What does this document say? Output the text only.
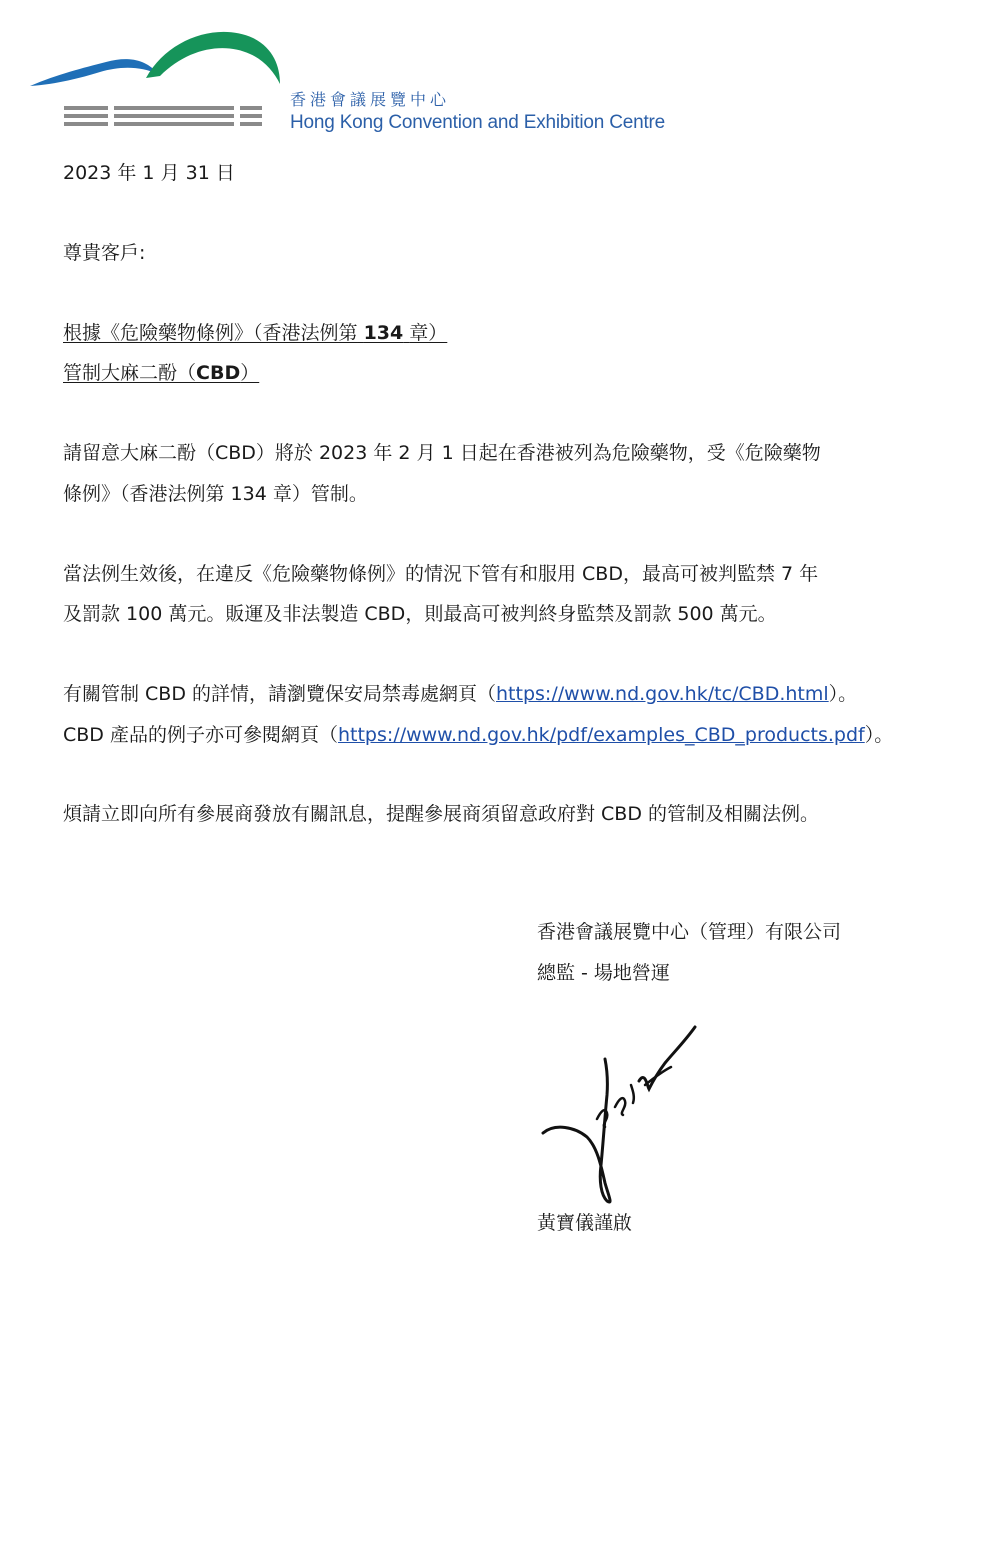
香港會議展覽中心
Hong Kong Convention and Exhibition Centre
2023 年 1 月 31 日
尊貴客戶:
根據《危險藥物條例》（香港法例第 134 章）
管制大麻二酚（CBD）
請留意大麻二酚（CBD）將於 2023 年 2 月 1 日起在香港被列為危險藥物，受《危險藥物
條例》（香港法例第 134 章）管制。
當法例生效後，在違反《危險藥物條例》的情況下管有和服用 CBD，最高可被判監禁 7 年
及罰款 100 萬元。販運及非法製造 CBD，則最高可被判終身監禁及罰款 500 萬元。
有關管制 CBD 的詳情，請瀏覽保安局禁毒處網頁（https://www.nd.gov.hk/tc/CBD.html）。
CBD 產品的例子亦可參閱網頁（https://www.nd.gov.hk/pdf/examples_CBD_products.pdf）。
煩請立即向所有參展商發放有關訊息，提醒參展商須留意政府對 CBD 的管制及相關法例。
香港會議展覽中心（管理）有限公司
總監 - 場地營運
黃寶儀謹啟
